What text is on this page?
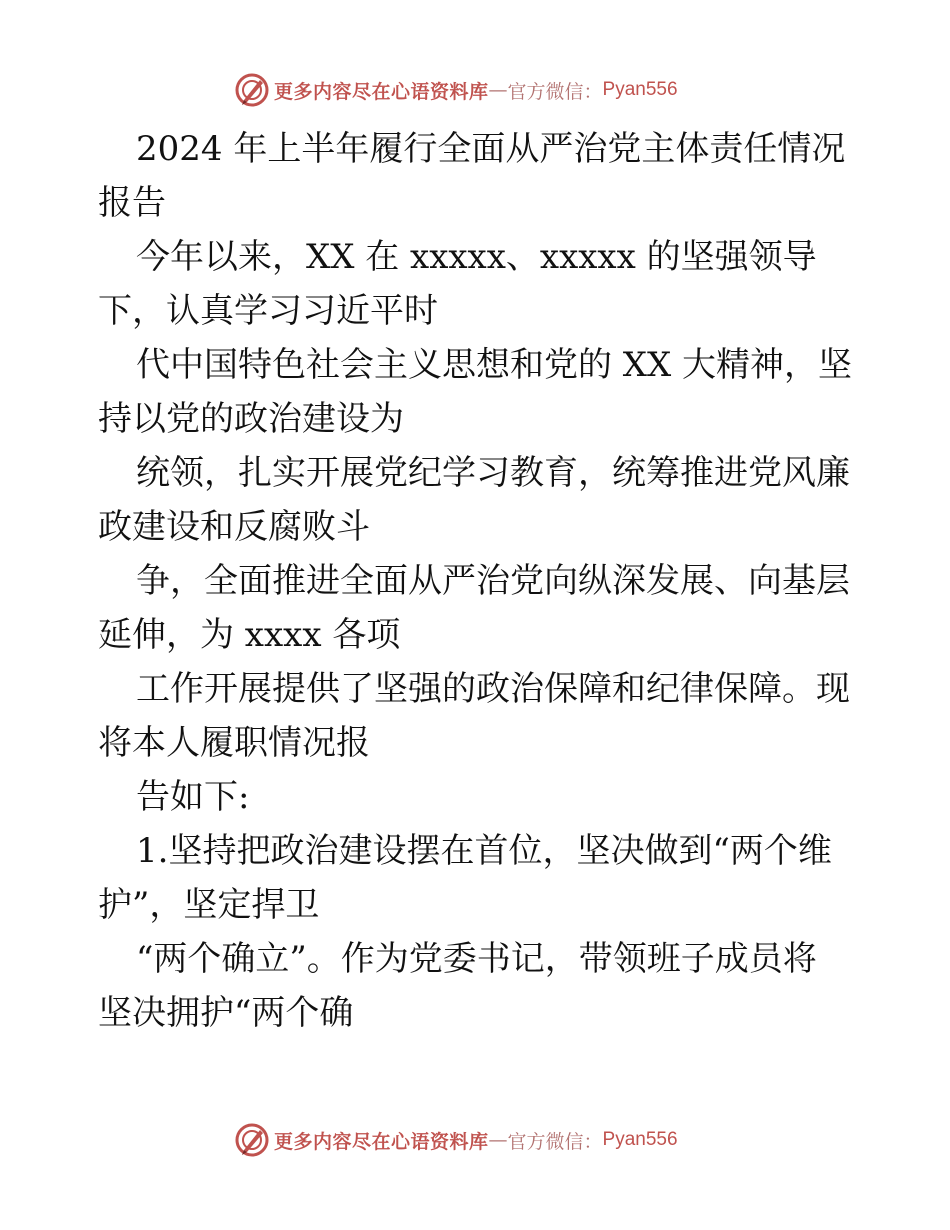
更多内容尽在心语资料库 — 官方微信： Pyan556
2024 年上半年履行全面从严治党主体责任情况
报告
今年以来，XX 在 xxxxx、xxxxx 的坚强领导
下，认真学习习近平时
代中国特色社会主义思想和党的 XX 大精神，坚
持以党的政治建设为
统领，扎实开展党纪学习教育，统筹推进党风廉
政建设和反腐败斗
争，全面推进全面从严治党向纵深发展、向基层
延伸，为 xxxx 各项
工作开展提供了坚强的政治保障和纪律保障。现
将本人履职情况报
告如下:
1.坚持把政治建设摆在首位，坚决做到“两个维
护”，坚定捍卫
“两个确立”。作为党委书记，带领班子成员将
坚决拥护“两个确
更多内容尽在心语资料库 — 官方微信： Pyan556
